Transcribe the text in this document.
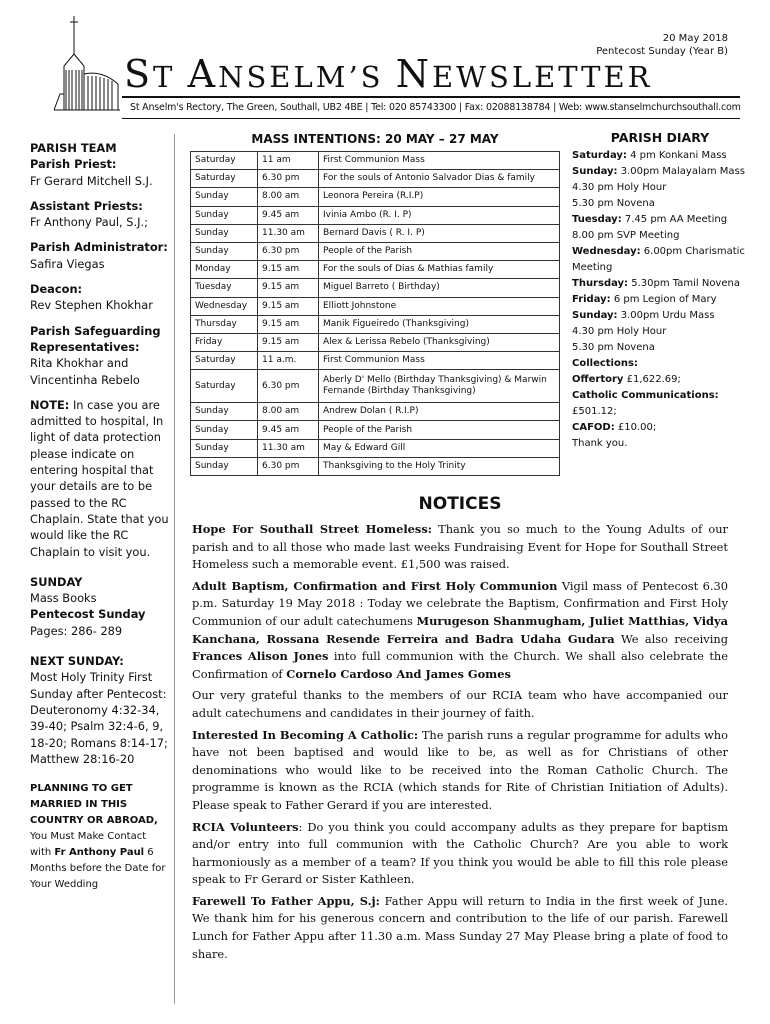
20 May 2018
Pentecost Sunday (Year B)
ST ANSELM’S NEWSLETTER
St Anselm's Rectory, The Green, Southall, UB2 4BE | Tel: 020 85743300 | Fax: 02088138784 | Web: www.stanselmchurchsouthall.com

PARISH TEAM
Parish Priest:
Fr Gerard Mitchell S.J.

Assistant Priests:
Fr Anthony Paul, S.J.;

Parish Administrator:
Safira Viegas

Deacon:
Rev Stephen Khokhar

Parish Safeguarding Representatives:
Rita Khokhar and Vincentinha Rebelo

NOTE: In case you are admitted to hospital, In light of data protection please indicate on entering hospital that your details are to be passed to the RC Chaplain. State that you would like the RC Chaplain to visit you.

SUNDAY
Mass Books
Pentecost Sunday
Pages: 286- 289

NEXT SUNDAY:
Most Holy Trinity First Sunday after Pentecost: Deuteronomy 4:32-34, 39-40; Psalm 32:4-6, 9, 18-20; Romans 8:14-17; Matthew 28:16-20

PLANNING TO GET MARRIED IN THIS COUNTRY OR ABROAD, You Must Make Contact with Fr Anthony Paul 6 Months before the Date for Your Wedding

MASS INTENTIONS: 20 MAY – 27 MAY
Saturday	11 am	First Communion Mass
Saturday	6.30 pm	For the souls of Antonio Salvador Dias & family
Sunday	8.00 am	Leonora Pereira (R.I.P)
Sunday	9.45 am	Ivinia Ambo (R. I. P)
Sunday	11.30 am	Bernard Davis ( R. I. P)
Sunday	6.30 pm	People of the Parish
Monday	9.15 am	For the souls of Dias & Mathias family
Tuesday	9.15 am	Miguel Barreto ( Birthday)
Wednesday	9.15 am	Elliott Johnstone
Thursday	9.15 am	Manik Figueiredo (Thanksgiving)
Friday	9.15 am	Alex & Lerissa Rebelo (Thanksgiving)
Saturday	11 a.m.	First Communion Mass
Saturday	6.30 pm	Aberly D' Mello (Birthday Thanksgiving) & Marwin Fernande (Birthday Thanksgiving)
Sunday	8.00 am	Andrew Dolan ( R.I.P)
Sunday	9.45 am	People of the Parish
Sunday	11.30 am	May & Edward Gill
Sunday	6.30 pm	Thanksgiving to the Holy Trinity
PARISH DIARY
Saturday: 4 pm Konkani Mass
Sunday: 3.00pm Malayalam Mass
4.30 pm Holy Hour
5.30 pm Novena
Tuesday: 7.45 pm AA Meeting
8.00 pm SVP Meeting
Wednesday: 6.00pm Charismatic Meeting
Thursday: 5.30pm Tamil Novena
Friday: 6 pm Legion of Mary
Sunday: 3.00pm Urdu Mass
4.30 pm Holy Hour
5.30 pm Novena
Collections:
Offertory £1,622.69;
Catholic Communications: £501.12;
CAFOD: £10.00;
Thank you.
NOTICES

Hope For Southall Street Homeless: Thank you so much to the Young Adults of our parish and to all those who made last weeks Fundraising Event for Hope for Southall Street Homeless such a memorable event. £1,500 was raised.

Adult Baptism, Confirmation and First Holy Communion Vigil mass of Pentecost 6.30 p.m. Saturday 19 May 2018 : Today we celebrate the Baptism, Confirmation and First Holy Communion of our adult catechumens Murugeson Shanmugham, Juliet Matthias, Vidya Kanchana, Rossana Resende Ferreira and Badra Udaha Gudara We also receiving Frances Alison Jones into full communion with the Church. We shall also celebrate the Confirmation of Cornelo Cardoso And James Gomes

Our very grateful thanks to the members of our RCIA team who have accompanied our adult catechumens and candidates in their journey of faith.

Interested In Becoming A Catholic: The parish runs a regular programme for adults who have not been baptised and would like to be, as well as for Christians of other denominations who would like to be received into the Roman Catholic Church. The programme is known as the RCIA (which stands for Rite of Christian Initiation of Adults). Please speak to Father Gerard if you are interested.

RCIA Volunteers: Do you think you could accompany adults as they prepare for baptism and/or entry into full communion with the Catholic Church? Are you able to work harmoniously as a member of a team? If you think you would be able to fill this role please speak to Fr Gerard or Sister Kathleen.

Farewell To Father Appu, S.j: Father Appu will return to India in the first week of June. We thank him for his generous concern and contribution to the life of our parish. Farewell Lunch for Father Appu after 11.30 a.m. Mass Sunday 27 May Please bring a plate of food to share.
